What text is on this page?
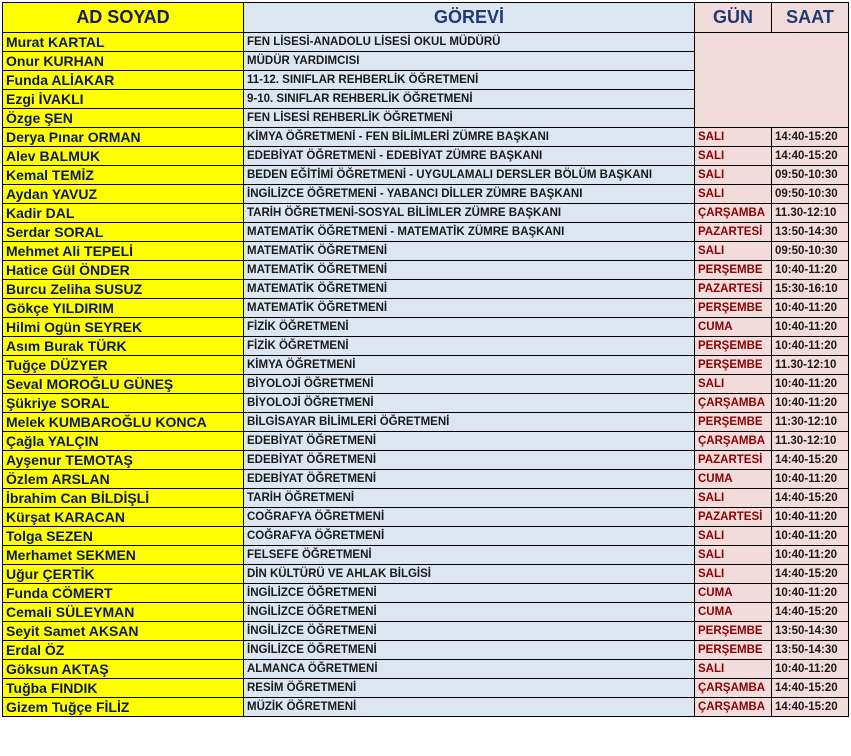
AD SOYAD	GÖREVİ	GÜN	SAAT
Murat KARTAL	FEN LİSESİ-ANADOLU LİSESİ OKUL MÜDÜRÜ		
Onur KURHAN	MÜDÜR YARDIMCISI		
Funda ALİAKAR	11-12. SINIFLAR REHBERLİK ÖĞRETMENİ		
Ezgi İVAKLI	9-10. SINIFLAR REHBERLİK ÖĞRETMENİ		
Özge ŞEN	FEN LİSESİ REHBERLİK ÖĞRETMENİ		
Derya Pınar ORMAN	KİMYA ÖĞRETMENİ - FEN BİLİMLERİ ZÜMRE BAŞKANI	SALI	14:40-15:20
Alev BALMUK	EDEBİYAT ÖĞRETMENİ - EDEBİYAT ZÜMRE BAŞKANI	SALI	14:40-15:20
Kemal TEMİZ	BEDEN EĞİTİMİ ÖĞRETMENİ - UYGULAMALI DERSLER BÖLÜM BAŞKANI	SALI	09:50-10:30
Aydan YAVUZ	İNGİLİZCE ÖĞRETMENİ - YABANCI DİLLER ZÜMRE BAŞKANI	SALI	09:50-10:30
Kadir DAL	TARİH ÖĞRETMENİ-SOSYAL BİLİMLER ZÜMRE BAŞKANI	ÇARŞAMBA	11.30-12:10
Serdar SORAL	MATEMATİK ÖĞRETMENİ - MATEMATİK ZÜMRE BAŞKANI	PAZARTESİ	13:50-14:30
Mehmet Ali TEPELİ	MATEMATİK ÖĞRETMENİ	SALI	09:50-10:30
Hatice Gül ÖNDER	MATEMATİK ÖĞRETMENİ	PERŞEMBE	10:40-11:20
Burcu Zeliha SUSUZ	MATEMATİK ÖĞRETMENİ	PAZARTESİ	15:30-16:10
Gökçe YILDIRIM	MATEMATİK ÖĞRETMENİ	PERŞEMBE	10:40-11:20
Hilmi Ogün SEYREK	FİZİK ÖĞRETMENİ	CUMA	10:40-11:20
Asım Burak TÜRK	FİZİK ÖĞRETMENİ	PERŞEMBE	10:40-11:20
Tuğçe DÜZYER	KİMYA ÖĞRETMENİ	PERŞEMBE	11.30-12:10
Seval MOROĞLU GÜNEŞ	BİYOLOJİ ÖĞRETMENİ	SALI	10:40-11:20
Şükriye SORAL	BİYOLOJİ ÖĞRETMENİ	ÇARŞAMBA	10:40-11:20
Melek KUMBAROĞLU KONCA	BİLGİSAYAR BİLİMLERİ ÖĞRETMENİ	PERŞEMBE	11:30-12:10
Çağla YALÇIN	EDEBİYAT ÖĞRETMENİ	ÇARŞAMBA	11.30-12:10
Ayşenur TEMOTAŞ	EDEBİYAT ÖĞRETMENİ	PAZARTESİ	14:40-15:20
Özlem ARSLAN	EDEBİYAT ÖĞRETMENİ	CUMA	10:40-11:20
İbrahim Can BİLDİŞLİ	TARİH ÖĞRETMENİ	SALI	14:40-15:20
Kürşat KARACAN	COĞRAFYA ÖĞRETMENİ	PAZARTESİ	10:40-11:20
Tolga SEZEN	COĞRAFYA ÖĞRETMENİ	SALI	10:40-11:20
Merhamet SEKMEN	FELSEFE ÖĞRETMENİ	SALI	10:40-11:20
Uğur ÇERTİK	DİN KÜLTÜRÜ VE AHLAK BİLGİSİ	SALI	14:40-15:20
Funda CÖMERT	İNGİLİZCE ÖĞRETMENİ	CUMA	10:40-11:20
Cemali SÜLEYMAN	İNGİLİZCE ÖĞRETMENİ	CUMA	14:40-15:20
Seyit Samet AKSAN	İNGİLİZCE ÖĞRETMENİ	PERŞEMBE	13:50-14:30
Erdal ÖZ	İNGİLİZCE ÖĞRETMENİ	PERŞEMBE	13:50-14:30
Göksun AKTAŞ	ALMANCA ÖĞRETMENİ	SALI	10:40-11:20
Tuğba FINDIK	RESİM ÖĞRETMENİ	ÇARŞAMBA	14:40-15:20
Gizem Tuğçe FİLİZ	MÜZİK ÖĞRETMENİ	ÇARŞAMBA	14:40-15:20
